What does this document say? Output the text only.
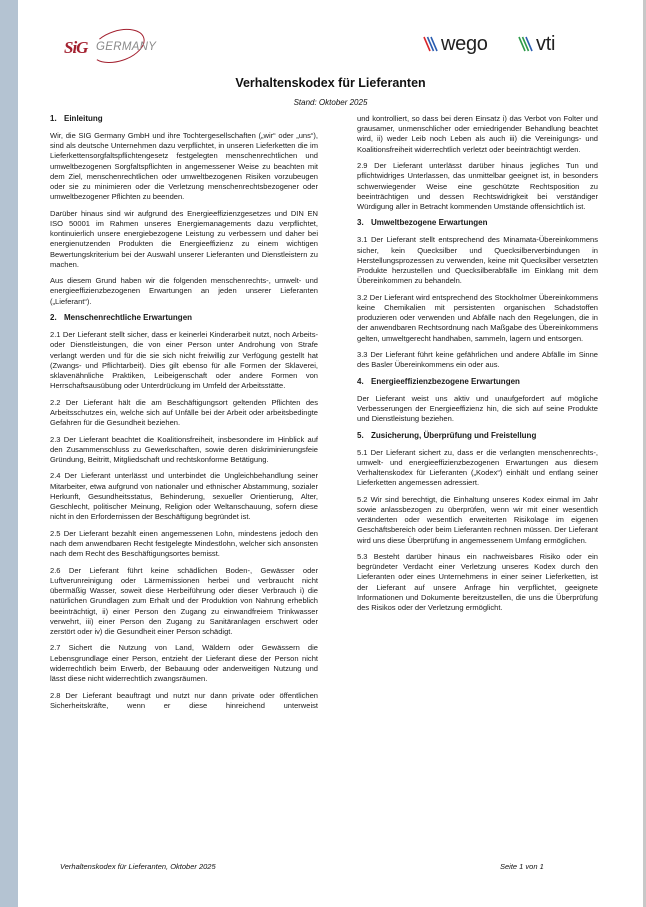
SiG GERMANY	wego vti
Verhaltenskodex für Lieferanten
Stand: Oktober 2025
1. Einleitung

Wir, die SIG Germany GmbH und ihre Tochtergesellschaften („wir“ oder „uns“), sind als deutsche Unternehmen dazu verpflichtet, in unseren Lieferketten die im Lieferkettensorgfaltspflichtengesetz festgelegten menschenrechtlichen und umweltbezogenen Sorgfaltspflichten in angemessener Weise zu beachten mit dem Ziel, menschenrechtlichen oder umweltbezogenen Risiken vorzubeugen oder sie zu minimieren oder die Verletzung menschenrechtsbezogener oder umweltbezogener Pflichten zu beenden.

Darüber hinaus sind wir aufgrund des Energieeffizienzgesetzes und DIN EN ISO 50001 im Rahmen unseres Energiemanagements dazu verpflichtet, kontinuierlich unsere energiebezogene Leistung zu verbessern und daher bei energienutzenden Produkten die Energieeffizienz zu einem wichtigen Bewertungskriterium bei der Auswahl unserer Lieferanten und Dienstleistern zu machen.

Aus diesem Grund haben wir die folgenden menschenrechts-, umwelt- und energieeffizienzbezogenen Erwartungen an jeden unserer Lieferanten („Lieferant“).

2. Menschenrechtliche Erwartungen

2.1 Der Lieferant stellt sicher, dass er keinerlei Kinderarbeit nutzt, noch Arbeits- oder Dienstleistungen, die von einer Person unter Androhung von Strafe verlangt werden und für die sie sich nicht freiwillig zur Verfügung gestellt hat (Zwangs- und Pflichtarbeit). Dies gilt ebenso für alle Formen der Sklaverei, sklavenähnliche Praktiken, Leibeigenschaft oder andere Formen von Herrschaftsausübung oder Unterdrückung im Umfeld der Arbeitsstätte.

2.2 Der Lieferant hält die am Beschäftigungsort geltenden Pflichten des Arbeitsschutzes ein, welche sich auf Unfälle bei der Arbeit oder arbeitsbedingte Gefahren für die Gesundheit beziehen.

2.3 Der Lieferant beachtet die Koalitionsfreiheit, insbesondere im Hinblick auf den Zusammenschluss zu Gewerkschaften, sowie deren diskriminierungsfeie Gründung, Beitritt, Mitgliedschaft und rechtskonforme Betätigung.

2.4 Der Lieferant unterlässt und unterbindet die Ungleichbehandlung seiner Mitarbeiter, etwa aufgrund von nationaler und ethnischer Abstammung, sozialer Herkunft, Gesundheitsstatus, Behinderung, sexueller Orientierung, Alter, Geschlecht, politischer Meinung, Religion oder Weltanschauung, sofern diese nicht in den Erfordernissen der Beschäftigung begründet ist.

2.5 Der Lieferant bezahlt einen angemessenen Lohn, mindestens jedoch den nach dem anwendbaren Recht festgelegte Mindestlohn, welcher sich ansonsten nach dem Recht des Beschäftigungsortes bemisst.

2.6 Der Lieferant führt keine schädlichen Boden-, Gewässer oder Luftverunreinigung oder Lärmemissionen herbei und verbraucht nicht übermäßig Wasser, soweit diese Herbeiführung oder dieser Verbrauch i) die natürlichen Grundlagen zum Erhalt und der Produktion von Nahrung erheblich beeinträchtigt, ii) einer Person den Zugang zu einwandfreiem Trinkwasser verwehrt, iii) einer Person den Zugang zu Sanitäranlagen erschwert oder zerstört oder iv) die Gesundheit einer Person schädigt.

2.7 Sichert die Nutzung von Land, Wäldern oder Gewässern die Lebensgrundlage einer Person, entzieht der Lieferant diese der Person nicht widerrechtlich beim Erwerb, der Bebauung oder anderweitigen Nutzung und lässt diese nicht widerrechtlich zwangsräumen.

2.8 Der Lieferant beauftragt und nutzt nur dann private oder öffentlichen Sicherheitskräfte, wenn er diese hinreichend unterweist

und kontrolliert, so dass bei deren Einsatz i) das Verbot von Folter und grausamer, unmenschlicher oder erniedrigender Behandlung beachtet wird, ii) weder Leib noch Leben als auch iii) die Vereinigungs- und Koalitionsfreiheit widerrechtlich verletzt oder beeinträchtigt werden.

2.9 Der Lieferant unterlässt darüber hinaus jegliches Tun und pflichtwidriges Unterlassen, das unmittelbar geeignet ist, in besonders schwerwiegender Weise eine geschützte Rechtsposition zu beeinträchtigen und dessen Rechtswidrigkeit bei verständiger Würdigung aller in Betracht kommenden Umstände offensichtlich ist.

3. Umweltbezogene Erwartungen

3.1 Der Lieferant stellt entsprechend des Minamata-Übereinkommens sicher, kein Quecksilber und Quecksilberverbindungen in Herstellungsprozessen zu verwenden, keine mit Quecksilber versetzten Produkte herzustellen und Quecksilberabfälle im Einklang mit dem Übereinkommen zu behandeln.

3.2 Der Lieferant wird entsprechend des Stockholmer Übereinkommens keine Chemikalien mit persistenten organischen Schadstoffen produzieren oder verwenden und Abfälle nach den Regelungen, die in der anwendbaren Rechtsordnung nach Maßgabe des Übereinkommens gelten, umweltgerecht handhaben, sammeln, lagern und entsorgen.

3.3 Der Lieferant führt keine gefährlichen und andere Abfälle im Sinne des Basler Übereinkommens ein oder aus.

4. Energieeffizienzbezogene Erwartungen

Der Lieferant weist uns aktiv und unaufgefordert auf mögliche Verbesserungen der Energieeffizienz hin, die sich auf seine Produkte und Dienstleistung beziehen.

5. Zusicherung, Überprüfung und Freistellung

5.1 Der Lieferant sichert zu, dass er die verlangten menschenrechts-, umwelt- und energieeffizienzbezogenen Erwartungen aus diesem Verhaltenskodex für Lieferanten („Kodex“) einhält und entlang seiner Lieferketten angemessen adressiert.

5.2 Wir sind berechtigt, die Einhaltung unseres Kodex einmal im Jahr sowie anlassbezogen zu überprüfen, wenn wir mit einer wesentlich veränderten oder wesentlich erweiterten Risikolage im eigenen Geschäftsbereich oder beim Lieferanten rechnen müssen. Der Lieferant wird uns diese Überprüfung in angemessenem Umfang ermöglichen.

5.3 Besteht darüber hinaus ein nachweisbares Risiko oder ein begründeter Verdacht einer Verletzung unseres Kodex durch den Lieferanten oder eines Unternehmens in einer seiner Lieferketten, ist der Lieferant auf unsere Anfrage hin verpflichtet, geeignete Informationen und Dokumente bereitzustellen, die uns die Überprüfung des Risikos oder der Verletzung ermöglicht.

Verhaltenskodex für Lieferanten, Oktober 2025	Seite 1 von 1
